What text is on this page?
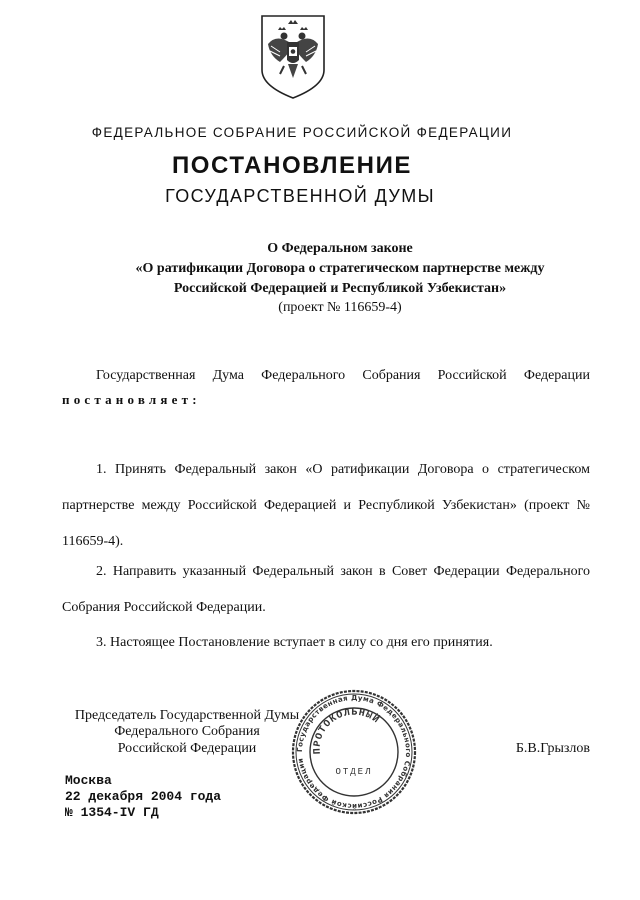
ФЕДЕРАЛЬНОЕ СОБРАНИЕ РОССИЙСКОЙ ФЕДЕРАЦИИ
ПОСТАНОВЛЕНИЕ
ГОСУДАРСТВЕННОЙ ДУМЫ
О Федеральном законе
«О ратификации Договора о стратегическом партнерстве между
Российской Федерацией и Республикой Узбекистан»
(проект № 116659-4)
Государственная Дума Федерального Собрания Российской Федерации
постановляет:
1. Принять Федеральный закон «О ратификации Договора о стратегическом партнерстве между Российской Федерацией и Республикой Узбекистан» (проект № 116659-4).
2. Направить указанный Федеральный закон в Совет Федерации Федерального Собрания Российской Федерации.
3. Настоящее Постановление вступает в силу со дня его принятия.
Председатель Государственной Думы
Федерального Собрания
Российской Федерации	Б.В.Грызлов
Государственная Дума Федерального Собрания Российской Федерации
ПРОТОКОЛЬНЫЙ
ОТДЕЛ
Москва
22 декабря 2004 года
№ 1354-IV ГД
